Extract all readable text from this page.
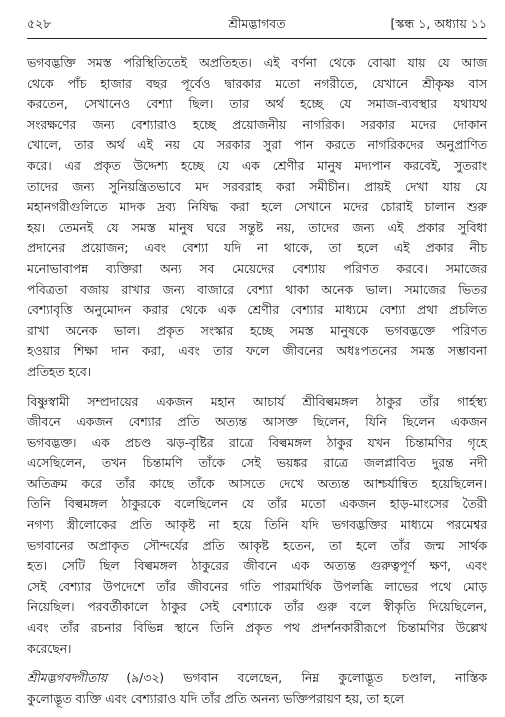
৫২৮	শ্রীমদ্ভাগবত	[স্কন্ধ ১, অধ্যায় ১১

ভগবদ্ভক্তি সমস্ত পরিস্থিতিতেই অপ্রতিহত। এই বর্ণনা থেকে বোঝা যায় যে আজ
থেকে পাঁচ হাজার বছর পূর্বেও দ্বারকার মতো নগরীতে, যেখানে শ্রীকৃষ্ণ বাস
করতেন, সেখানেও বেশ্যা ছিল। তার অর্থ হচ্ছে যে সমাজ-ব্যবস্থার যথাযথ
সংরক্ষণের জন্য বেশ্যারাও হচ্ছে প্রয়োজনীয় নাগরিক। সরকার মদের দোকান
খোলে, তার অর্থ এই নয় যে সরকার সুরা পান করতে নাগরিকদের অনুপ্রাণিত
করে। এর প্রকৃত উদ্দেশ্য হচ্ছে যে এক শ্রেণীর মানুষ মদ্যপান করবেই, সুতরাং
তাদের জন্য সুনিয়ন্ত্রিতভাবে মদ সরবরাহ করা সমীচীন। প্রায়ই দেখা যায় যে
মহানগরীগুলিতে মাদক দ্রব্য নিষিদ্ধ করা হলে সেখানে মদের চোরাই চালান শুরু
হয়। তেমনই যে সমস্ত মানুষ ঘরে সন্তুষ্ট নয়, তাদের জন্য এই প্রকার সুবিধা
প্রদানের প্রয়োজন; এবং বেশ্যা যদি না থাকে, তা হলে এই প্রকার নীচ
মনোভাবাপন্ন ব্যক্তিরা অন্য সব মেয়েদের বেশ্যায় পরিণত করবে। সমাজের
পবিত্রতা বজায় রাখার জন্য বাজারে বেশ্যা থাকা অনেক ভাল। সমাজের ভিতর
বেশ্যাবৃত্তি অনুমোদন করার থেকে এক শ্রেণীর বেশ্যার মাধ্যমে বেশ্যা প্রথা প্রচলিত
রাখা অনেক ভাল। প্রকৃত সংস্কার হচ্ছে সমস্ত মানুষকে ভগবদ্ভক্তে পরিণত
হওয়ার শিক্ষা দান করা, এবং তার ফলে জীবনের অধঃপতনের সমস্ত সম্ভাবনা
প্রতিহত হবে।

বিষ্ণুস্বামী সম্প্রদায়ের একজন মহান আচার্য শ্রীবিল্বমঙ্গল ঠাকুর তাঁর গার্হস্থ্য
জীবনে একজন বেশ্যার প্রতি অত্যন্ত আসক্ত ছিলেন, যিনি ছিলেন একজন
ভগবদ্ভক্ত। এক প্রচণ্ড ঝড়-বৃষ্টির রাত্রে বিল্বমঙ্গল ঠাকুর যখন চিন্তামণির গৃহে
এসেছিলেন, তখন চিন্তামণি তাঁকে সেই ভয়ঙ্কর রাত্রে জলপ্লাবিত দুরন্ত নদী
অতিক্রম করে তাঁর কাছে তাঁকে আসতে দেখে অত্যন্ত আশ্চর্যান্বিত হয়েছিলেন।
তিনি বিল্বমঙ্গল ঠাকুরকে বলেছিলেন যে তাঁর মতো একজন হাড়-মাংসের তৈরী
নগণ্য স্ত্রীলোকের প্রতি আকৃষ্ট না হয়ে তিনি যদি ভগবদ্ভক্তির মাধ্যমে পরমেশ্বর
ভগবানের অপ্রাকৃত সৌন্দর্যের প্রতি আকৃষ্ট হতেন, তা হলে তাঁর জন্ম সার্থক
হত। সেটি ছিল বিল্বমঙ্গল ঠাকুরের জীবনে এক অত্যন্ত গুরুত্বপূর্ণ ক্ষণ, এবং
সেই বেশ্যার উপদেশে তাঁর জীবনের গতি পারমার্থিক উপলব্ধি লাভের পথে মোড়
নিয়েছিল। পরবর্তীকালে ঠাকুর সেই বেশ্যাকে তাঁর গুরু বলে স্বীকৃতি দিয়েছিলেন,
এবং তাঁর রচনার বিভিন্ন স্থানে তিনি প্রকৃত পথ প্রদর্শনকারীরূপে চিন্তামণির উল্লেখ
করেছেন।

শ্রীমদ্ভগবদ্গীতায় (৯/৩২) ভগবান বলেছেন, নিম্ন কুলোদ্ভূত চণ্ডাল, নাস্তিক
কুলোদ্ভূত ব্যক্তি এবং বেশ্যারাও যদি তাঁর প্রতি অনন্য ভক্তিপরায়ণ হয়, তা হলে
